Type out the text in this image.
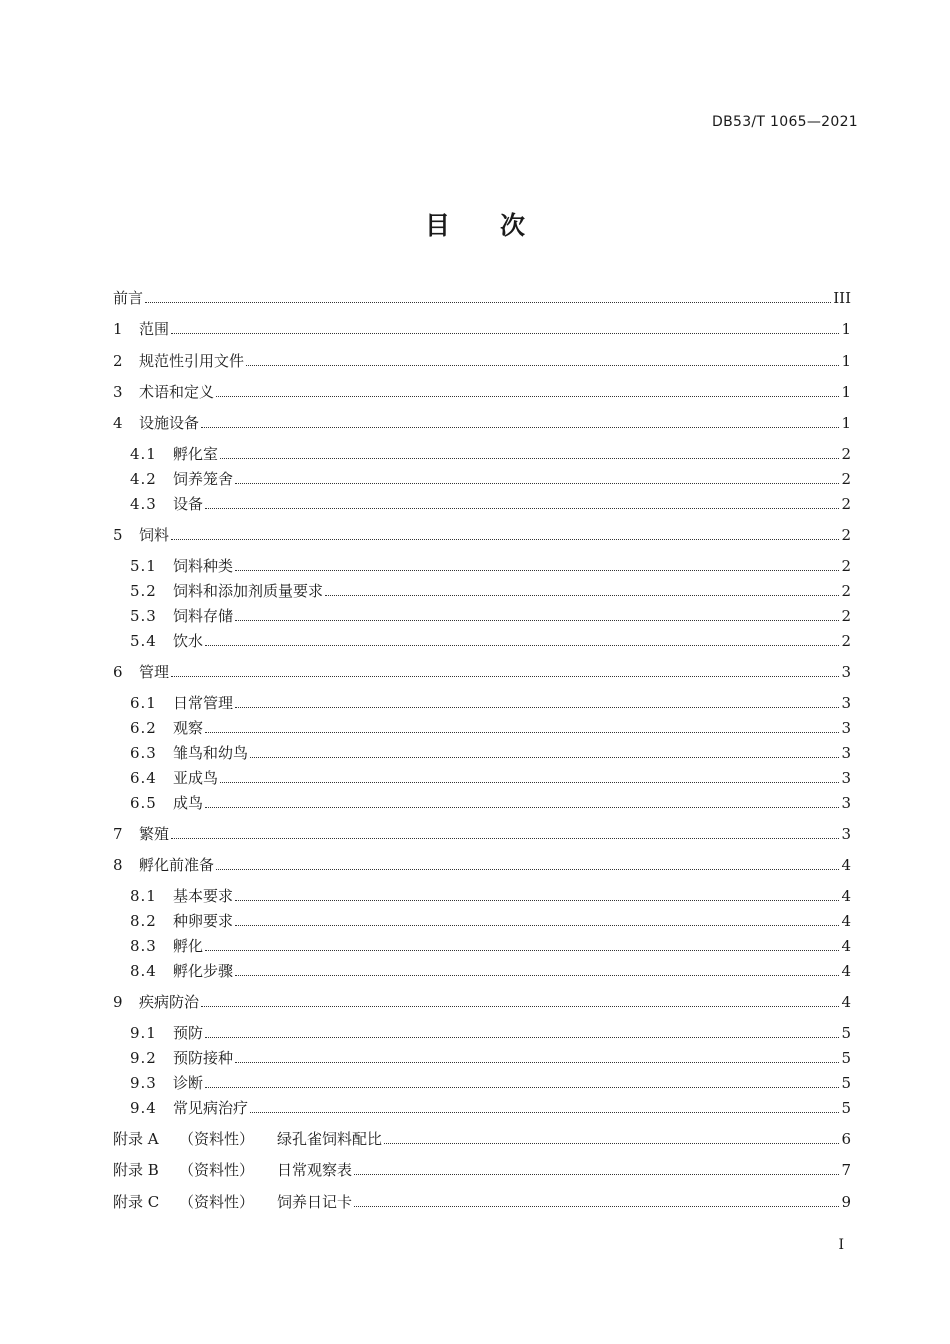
DB53/T 1065—2021
目　　次
前言	III
1	范围	1
2	规范性引用文件	1
3	术语和定义	1
4	设施设备	1
4.1	孵化室	2
4.2	饲养笼舍	2
4.3	设备	2
5	饲料	2
5.1	饲料种类	2
5.2	饲料和添加剂质量要求	2
5.3	饲料存储	2
5.4	饮水	2
6	管理	3
6.1	日常管理	3
6.2	观察	3
6.3	雏鸟和幼鸟	3
6.4	亚成鸟	3
6.5	成鸟	3
7	繁殖	3
8	孵化前准备	4
8.1	基本要求	4
8.2	种卵要求	4
8.3	孵化	4
8.4	孵化步骤	4
9	疾病防治	4
9.1	预防	5
9.2	预防接种	5
9.3	诊断	5
9.4	常见病治疗	5
附录 A	（资料性）	绿孔雀饲料配比	6
附录 B	（资料性）	日常观察表	7
附录 C	（资料性）	饲养日记卡	9
I
